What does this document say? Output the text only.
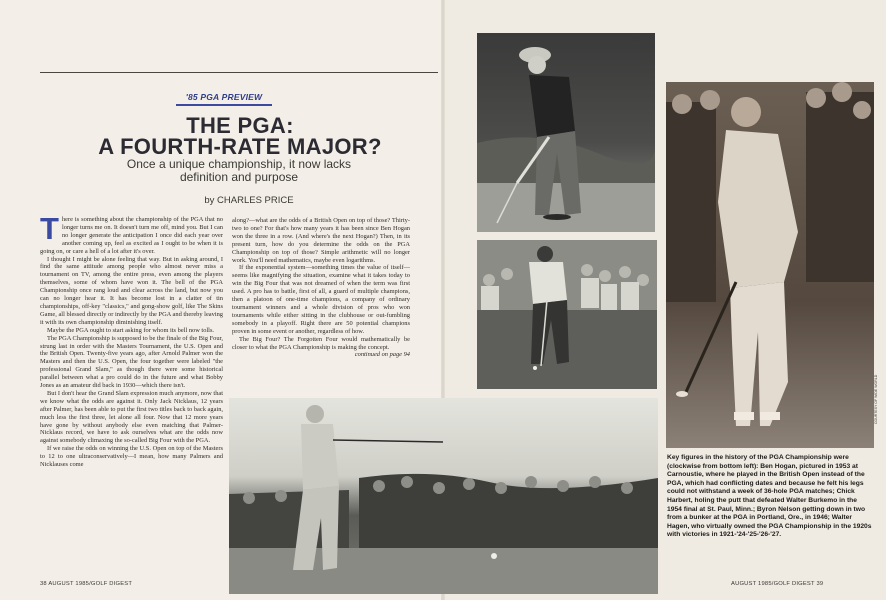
'85 PGA PREVIEW
THE PGA:
A FOURTH-RATE MAJOR?
Once a unique championship, it now lacks definition and purpose
by CHARLES PRICE

There is something about the championship of the PGA that no longer turns me on. It doesn't turn me off, mind you. But I can no longer generate the anticipation I once did each year over another coming up, feel as excited as I ought to be when it is going on, or care a hell of a lot after it's over.

I thought I might be alone feeling that way. But in asking around, I find the same attitude among people who almost never miss a tournament on TV, among the entire press, even among the players themselves, some of whom have won it. The bell of the PGA Championship once rang loud and clear across the land, but now you can no longer hear it. It has become lost in a clatter of tin championships, off-key "classics," and gong-show golf, like The Skins Game, all blessed directly or indirectly by the PGA and thereby leaving it with its own championship diminishing itself.

Maybe the PGA ought to start asking for whom its bell now tolls.

The PGA Championship is supposed to be the finale of the Big Four, strung last in order with the Masters Tournament, the U.S. Open and the British Open. Twenty-five years ago, after Arnold Palmer won the Masters and then the U.S. Open, the four together were labeled "the professional Grand Slam," as though there were some historical parallel between what a pro could do in the future and what Bobby Jones as an amateur did back in 1930—which there isn't.

But I don't hear the Grand Slam expression much anymore, now that we know what the odds are against it. Only Jack Nicklaus, 12 years after Palmer, has been able to put the first two titles back to back again, much less the first three, let alone all four. Now that 12 more years have gone by without anybody else even matching that Palmer-Nicklaus record, we have to ask ourselves what are the odds now against somebody climaxing the so-called Big Four with the PGA.

If we raise the odds on winning the U.S. Open on top of the Masters to 12 to one ultraconservatively—I mean, how many Palmers and Nicklauses come

along?—what are the odds of a British Open on top of those? Thirty-two to one? For that's how many years it has been since Ben Hogan won the three in a row. (And where's the next Hogan?) Then, in its present turn, how do you determine the odds on the PGA Championship on top of those? Simple arithmetic will no longer work. You'll need mathematics, maybe even logarithms.

If the exponential system—something times the value of itself—seems like magnifying the situation, examine what it takes today to win the Big Four that was not dreamed of when the term was first used. A pro has to battle, first of all, a guard of multiple champions, then a platoon of one-time champions, a company of ordinary tournament winners and a whole division of pros who won tournaments while either sitting in the clubhouse or out-fumbling somebody in a playoff. Right there are 50 potential champions proven in some event or another, regardless of how.

The Big Four? The Forgotten Four would mathematically be closer to what the PGA Championship is making the concept.
continued on page 94

COURTESY OF WIDE WORLD

Key figures in the history of the PGA Championship were (clockwise from bottom left): Ben Hogan, pictured in 1953 at Carnoustie, where he played in the British Open instead of the PGA, which had conflicting dates and because he felt his legs could not withstand a week of 36-hole PGA matches; Chick Harbert, holing the putt that defeated Walter Burkemo in the 1954 final at St. Paul, Minn.; Byron Nelson getting down in two from a bunker at the PGA in Portland, Ore., in 1946; Walter Hagen, who virtually owned the PGA Championship in the 1920s with victories in 1921-'24-'25-'26-'27.

38 AUGUST 1985/GOLF DIGEST	AUGUST 1985/GOLF DIGEST 39
